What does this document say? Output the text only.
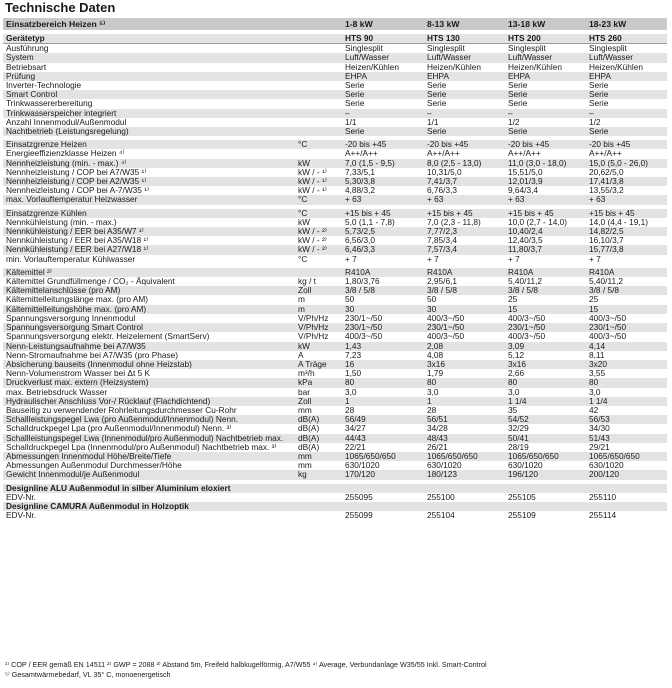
Technische Daten
Einsatzbereich Heizen ⁵⁾		1-8 kW	8-13 kW	13-18 kW	18-23 kW

Gerätetyp		HTS 90	HTS 130	HTS 200	HTS 260
Ausführung		Singlesplit	Singlesplit	Singlesplit	Singlesplit
System		Luft/Wasser	Luft/Wasser	Luft/Wasser	Luft/Wasser
Betriebsart		Heizen/Kühlen	Heizen/Kühlen	Heizen/Kühlen	Heizen/Kühlen
Prüfung		EHPA	EHPA	EHPA	EHPA
Inverter-Technologie		Serie	Serie	Serie	Serie
Smart Control		Serie	Serie	Serie	Serie
Trinkwassererbereitung		Serie	Serie	Serie	Serie
Trinkwasserspeicher integriert		–	–	–	–
Anzahl Innenmodul/Außenmodul		1/1	1/1	1/2	1/2
Nachtbetrieb (Leistungsregelung)		Serie	Serie	Serie	Serie

Einsatzgrenze Heizen	°C	-20 bis +45	-20 bis +45	-20 bis +45	-20 bis +45
Energieeffizienzklasse Heizen ⁴⁾		A++/A++	A++/A++	A++/A++	A++/A++
Nennheizleistung (min. - max.) ⁴⁾	kW	7,0 (1,5 - 9,5)	8,0 (2,5 - 13,0)	11,0 (3,0 - 18,0)	15,0 (5,0 - 26,0)
Nennheizleistung / COP bei A7/W35 ¹⁾	kW / - ¹⁾	7,33/5,1	10,31/5,0	15,51/5,0	20,62/5,0
Nennheizleistung / COP bei A2/W35 ¹⁾	kW / - ¹⁾	5,30/3,8	7,41/3,7	12,01/3,9	17,41/3,8
Nennheizleistung / COP bei A-7/W35 ¹⁾	kW / - ¹⁾	4,88/3,2	6,76/3,3	9,64/3,4	13,55/3,2
max. Vorlauftemperatur Heizwasser	°C	+ 63	+ 63	+ 63	+ 63

Einsatzgrenze Kühlen	°C	+15 bis + 45	+15 bis + 45	+15 bis + 45	+15 bis + 45
Nennkühleistung (min. - max.)	kW	5,0 (1,1 - 7,8)	7,0 (2,3 - 11,8)	10,0 (2,7 - 14,0)	14,0 (4,4 - 19,1)
Nennkühleistung / EER bei A35/W7 ¹⁾	kW / - ²⁾	5,73/2,5	7,77/2,3	10,40/2,4	14,82/2,5
Nennkühleistung / EER bei A35/W18 ¹⁾	kW / - ²⁾	6,56/3,0	7,85/3,4	12,40/3,5	16,10/3,7
Nennkühleistung / EER bei A27/W18 ¹⁾	kW / - ²⁾	6,46/3,3	7,57/3,4	11,80/3,7	15,77/3,8
min. Vorlauftemperatur Kühlwasser	°C	+ 7	+ 7	+ 7	+ 7

Kältemittel ²⁾		R410A	R410A	R410A	R410A
Kältemittel Grundfüllmenge / CO₂ - Äquivalent	kg / t	1,80/3,76	2,95/6,1	5,40/11,2	5,40/11,2
Kältemittelanschlüsse (pro AM)	Zoll	3/8 / 5/8	3/8 / 5/8	3/8 / 5/8	3/8 / 5/8
Kältemittelleitungslänge max. (pro AM)	m	50	50	25	25
Kältemittelleitungshöhe max. (pro AM)	m	30	30	15	15
Spannungsversorgung Innenmodul	V/Ph/Hz	230/1~/50	400/3~/50	400/3~/50	400/3~/50
Spannungsversorgung Smart Control	V/Ph/Hz	230/1~/50	230/1~/50	230/1~/50	230/1~/50
Spannungsversorgung elektr. Heizelement (SmartServ)	V/Ph/Hz	400/3~/50	400/3~/50	400/3~/50	400/3~/50
Nenn-Leistungsaufnahme bei A7/W35	kW	1,43	2,08	3,09	4,14
Nenn-Stromaufnahme bei A7/W35 (pro Phase)	A	7,23	4,08	5,12	8,11
Absicherung bauseits (Innenmodul ohne Heizstab)	A Träge	16	3x16	3x16	3x20
Nenn-Volumenstrom Wasser bei Δt 5 K	m³/h	1,50	1,79	2,66	3,55
Druckverlust max. extern (Heizsystem)	kPa	80	80	80	80
max. Betriebsdruck Wasser	bar	3,0	3,0	3,0	3,0
Hydraulischer Anschluss Vor-/ Rücklauf (Flachdichtend)	Zoll	1	1	1 1/4	1 1/4
Bauseitig zu verwendender Rohrleitungsdurchmesser Cu-Rohr	mm	28	28	35	42
Schallleistungspegel Lwa (pro Außenmodul/Innenmodul) Nenn.	dB(A)	56/49	56/51	54/52	56/53
Schalldruckpegel Lpa (pro Außenmodul/Innenmodul) Nenn. ³⁾	dB(A)	34/27	34/28	32/29	34/30
Schallleistungspegel Lwa (Innenmodul/pro Außenmodul) Nachtbetrieb max.	dB(A)	44/43	48/43	50/41	51/43
Schalldruckpegel Lpa (Innenmodul/pro Außenmodul) Nachtbetrieb max. ³⁾	dB(A)	22/21	26/21	28/19	29/21
Abmessungen Innenmodul Höhe/Breite/Tiefe	mm	1065/650/650	1065/650/650	1065/650/650	1065/650/650
Abmessungen Außenmodul Durchmesser/Höhe	mm	630/1020	630/1020	630/1020	630/1020
Gewicht Innenmodul/je Außenmodul	kg	170/120	180/123	196/120	200/120

Designline ALU Außenmodul in silber Aluminium eloxiert					
EDV-Nr.		255095	255100	255105	255110
Designline CAMURA Außenmodul in Holzoptik					
EDV-Nr.		255099	255104	255109	255114
¹⁾ COP / EER gemäß EN 14511 ²⁾ GWP = 2088 ³⁾ Abstand 5m, Freifeld halbkugelförmig, A7/W55 ⁴⁾ Average, Verbundanlage W35/55 Inkl. Smart-Control
⁵⁾ Gesamtwärmebedarf, VL 35° C, monoenergetisch
